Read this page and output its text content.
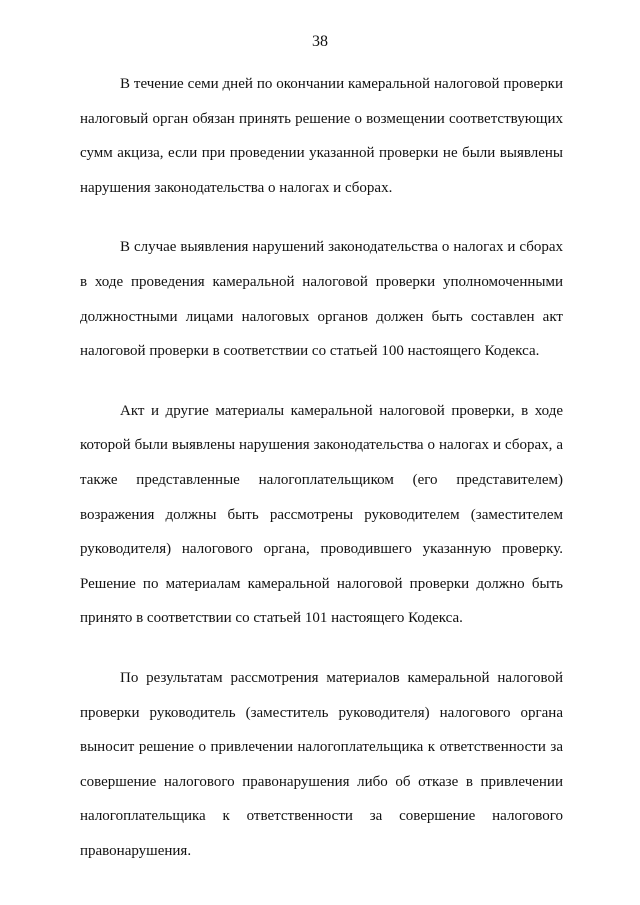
38

В течение семи дней по окончании камеральной налоговой проверки
налоговый орган обязан принять решение о возмещении соответствующих
сумм акциза, если при проведении указанной проверки не были выявлены
нарушения законодательства о налогах и сборах.

В случае выявления нарушений законодательства о налогах и сборах
в ходе проведения камеральной налоговой проверки уполномоченными
должностными лицами налоговых органов должен быть составлен акт
налоговой проверки в соответствии со статьей 100 настоящего Кодекса.

Акт и другие материалы камеральной налоговой проверки, в ходе
которой были выявлены нарушения законодательства о налогах и сборах, а
также представленные налогоплательщиком (его представителем)
возражения должны быть рассмотрены руководителем (заместителем
руководителя) налогового органа, проводившего указанную проверку.
Решение по материалам камеральной налоговой проверки должно быть
принято в соответствии со статьей 101 настоящего Кодекса.

По результатам рассмотрения материалов камеральной налоговой
проверки руководитель (заместитель руководителя) налогового органа
выносит решение о привлечении налогоплательщика к ответственности за
совершение налогового правонарушения либо об отказе в привлечении
налогоплательщика к ответственности за совершение налогового
правонарушения.
